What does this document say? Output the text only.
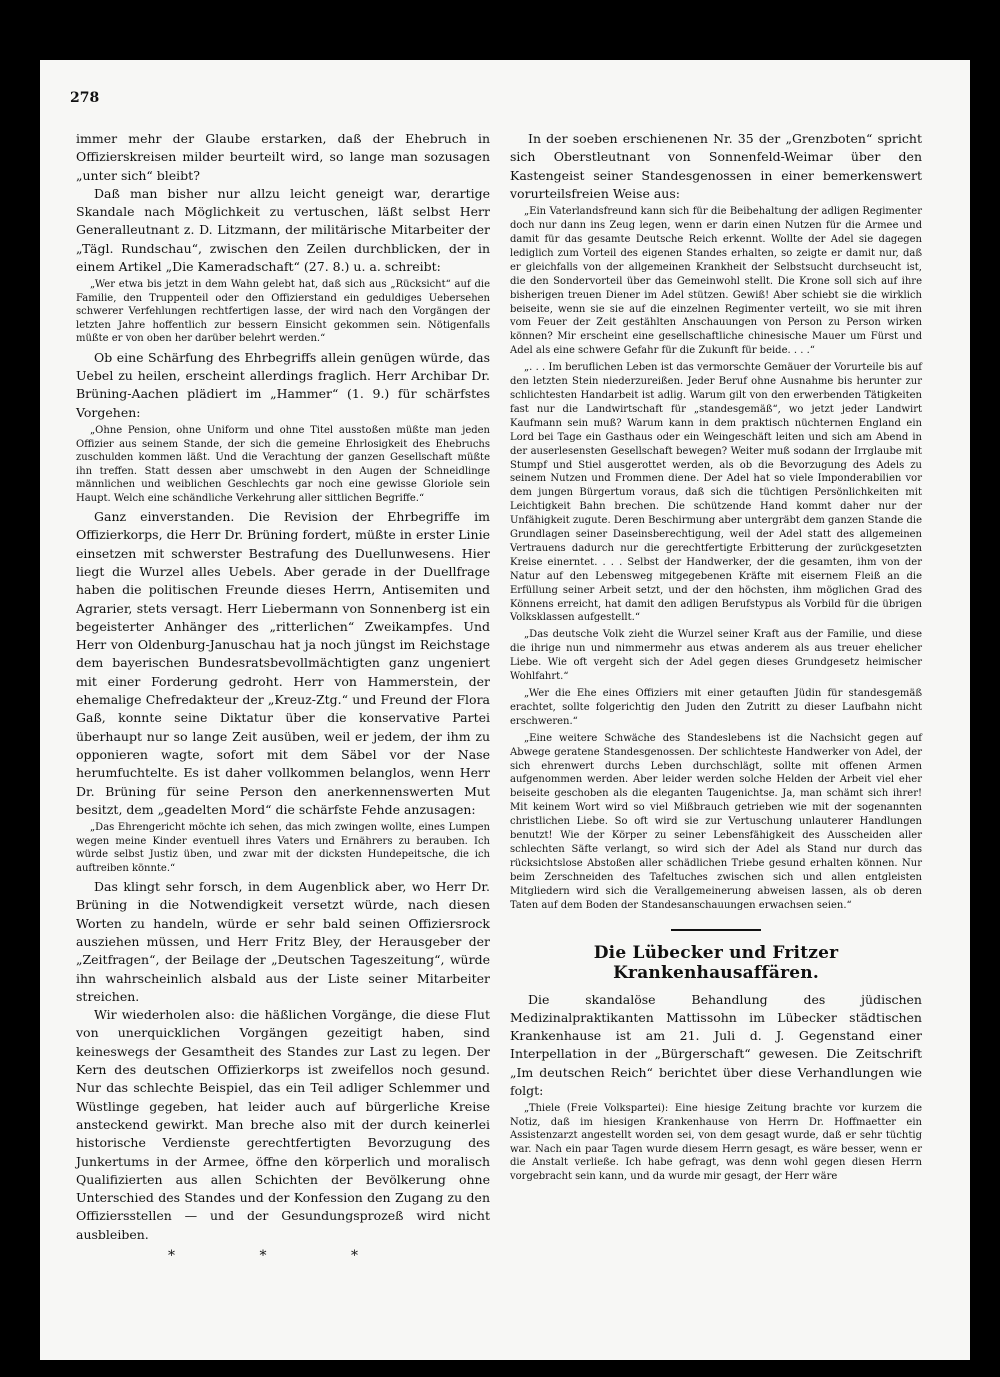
278

immer mehr der Glaube erstarken, daß der Ehebruch in Offizierskreisen milder beurteilt wird, so lange man sozusagen „unter sich“ bleibt?

Daß man bisher nur allzu leicht geneigt war, derartige Skandale nach Möglichkeit zu vertuschen, läßt selbst Herr Generalleutnant z. D. Litzmann, der militärische Mitarbeiter der „Tägl. Rundschau“, zwischen den Zeilen durchblicken, der in einem Artikel „Die Kameradschaft“ (27. 8.) u. a. schreibt:

„Wer etwa bis jetzt in dem Wahn gelebt hat, daß sich aus „Rücksicht“ auf die Familie, den Truppenteil oder den Offizierstand ein geduldiges Uebersehen schwerer Verfehlungen rechtfertigen lasse, der wird nach den Vorgängen der letzten Jahre hoffentlich zur bessern Einsicht gekommen sein. Nötigenfalls müßte er von oben her darüber belehrt werden.“

Ob eine Schärfung des Ehrbegriffs allein genügen würde, das Uebel zu heilen, erscheint allerdings fraglich. Herr Archibar Dr. Brüning-Aachen plädiert im „Hammer“ (1. 9.) für schärfstes Vorgehen:

„Ohne Pension, ohne Uniform und ohne Titel ausstoßen müßte man jeden Offizier aus seinem Stande, der sich die gemeine Ehrlosigkeit des Ehebruchs zuschulden kommen läßt. Und die Verachtung der ganzen Gesellschaft müßte ihn treffen. Statt dessen aber umschwebt in den Augen der Schneidlinge männlichen und weiblichen Geschlechts gar noch eine gewisse Gloriole sein Haupt. Welch eine schändliche Verkehrung aller sittlichen Begriffe.“

Ganz einverstanden. Die Revision der Ehrbegriffe im Offizierkorps, die Herr Dr. Brüning fordert, müßte in erster Linie einsetzen mit schwerster Bestrafung des Duellunwesens. Hier liegt die Wurzel alles Uebels. Aber gerade in der Duellfrage haben die politischen Freunde dieses Herrn, Antisemiten und Agrarier, stets versagt. Herr Liebermann von Sonnenberg ist ein begeisterter Anhänger des „ritterlichen“ Zweikampfes. Und Herr von Oldenburg-Januschau hat ja noch jüngst im Reichstage dem bayerischen Bundesratsbevollmächtigten ganz ungeniert mit einer Forderung gedroht. Herr von Hammerstein, der ehemalige Chefredakteur der „Kreuz-Ztg.“ und Freund der Flora Gaß, konnte seine Diktatur über die konservative Partei überhaupt nur so lange Zeit ausüben, weil er jedem, der ihm zu opponieren wagte, sofort mit dem Säbel vor der Nase herumfuchtelte. Es ist daher vollkommen belanglos, wenn Herr Dr. Brüning für seine Person den anerkennenswerten Mut besitzt, dem „geadelten Mord“ die schärfste Fehde anzusagen:

„Das Ehrengericht möchte ich sehen, das mich zwingen wollte, eines Lumpen wegen meine Kinder eventuell ihres Vaters und Ernährers zu berauben. Ich würde selbst Justiz üben, und zwar mit der dicksten Hundepeitsche, die ich auftreiben könnte.“

Das klingt sehr forsch, in dem Augenblick aber, wo Herr Dr. Brüning in die Notwendigkeit versetzt würde, nach diesen Worten zu handeln, würde er sehr bald seinen Offiziersrock ausziehen müssen, und Herr Fritz Bley, der Herausgeber der „Zeitfragen“, der Beilage der „Deutschen Tageszeitung“, würde ihn wahrscheinlich alsbald aus der Liste seiner Mitarbeiter streichen.

Wir wiederholen also: die häßlichen Vorgänge, die diese Flut von unerquicklichen Vorgängen gezeitigt haben, sind keineswegs der Gesamtheit des Standes zur Last zu legen. Der Kern des deutschen Offizierkorps ist zweifellos noch gesund. Nur das schlechte Beispiel, das ein Teil adliger Schlemmer und Wüstlinge gegeben, hat leider auch auf bürgerliche Kreise ansteckend gewirkt. Man breche also mit der durch keinerlei historische Verdienste gerechtfertigten Bevorzugung des Junkertums in der Armee, öffne den körperlich und moralisch Qualifizierten aus allen Schichten der Bevölkerung ohne Unterschied des Standes und der Konfession den Zugang zu den Offiziersstellen — und der Gesundungsprozeß wird nicht ausbleiben.

* * *

In der soeben erschienenen Nr. 35 der „Grenzboten“ spricht sich Oberstleutnant von Sonnenfeld-Weimar über den Kastengeist seiner Standesgenossen in einer bemerkenswert vorurteilsfreien Weise aus:

„Ein Vaterlandsfreund kann sich für die Beibehaltung der adligen Regimenter doch nur dann ins Zeug legen, wenn er darin einen Nutzen für die Armee und damit für das gesamte Deutsche Reich erkennt. Wollte der Adel sie dagegen lediglich zum Vorteil des eigenen Standes erhalten, so zeigte er damit nur, daß er gleichfalls von der allgemeinen Krankheit der Selbstsucht durchseucht ist, die den Sondervorteil über das Gemeinwohl stellt. Die Krone soll sich auf ihre bisherigen treuen Diener im Adel stützen. Gewiß! Aber schiebt sie die wirklich beiseite, wenn sie sie auf die einzelnen Regimenter verteilt, wo sie mit ihren vom Feuer der Zeit gestählten Anschauungen von Person zu Person wirken können? Mir erscheint eine gesellschaftliche chinesische Mauer um Fürst und Adel als eine schwere Gefahr für die Zukunft für beide. . . .“

„. . . Im beruflichen Leben ist das vermorschte Gemäuer der Vorurteile bis auf den letzten Stein niederzureißen. Jeder Beruf ohne Ausnahme bis herunter zur schlichtesten Handarbeit ist adlig. Warum gilt von den erwerbenden Tätigkeiten fast nur die Landwirtschaft für „standesgemäß“, wo jetzt jeder Landwirt Kaufmann sein muß? Warum kann in dem praktisch nüchternen England ein Lord bei Tage ein Gasthaus oder ein Weingeschäft leiten und sich am Abend in der auserlesensten Gesellschaft bewegen? Weiter muß sodann der Irrglaube mit Stumpf und Stiel ausgerottet werden, als ob die Bevorzugung des Adels zu seinem Nutzen und Frommen diene. Der Adel hat so viele Imponderabilien vor dem jungen Bürgertum voraus, daß sich die tüchtigen Persönlichkeiten mit Leichtigkeit Bahn brechen. Die schützende Hand kommt daher nur der Unfähigkeit zugute. Deren Beschirmung aber untergräbt dem ganzen Stande die Grundlagen seiner Daseinsberechtigung, weil der Adel statt des allgemeinen Vertrauens dadurch nur die gerechtfertigte Erbitterung der zurückgesetzten Kreise einerntet. . . . Selbst der Handwerker, der die gesamten, ihm von der Natur auf den Lebensweg mitgegebenen Kräfte mit eisernem Fleiß an die Erfüllung seiner Arbeit setzt, und der den höchsten, ihm möglichen Grad des Könnens erreicht, hat damit den adligen Berufstypus als Vorbild für die übrigen Volksklassen aufgestellt.“

„Das deutsche Volk zieht die Wurzel seiner Kraft aus der Familie, und diese die ihrige nun und nimmermehr aus etwas anderem als aus treuer ehelicher Liebe. Wie oft vergeht sich der Adel gegen dieses Grundgesetz heimischer Wohlfahrt.“

„Wer die Ehe eines Offiziers mit einer getauften Jüdin für standesgemäß erachtet, sollte folgerichtig den Juden den Zutritt zu dieser Laufbahn nicht erschweren.“

„Eine weitere Schwäche des Standeslebens ist die Nachsicht gegen auf Abwege geratene Standesgenossen. Der schlichteste Handwerker von Adel, der sich ehrenwert durchs Leben durchschlägt, sollte mit offenen Armen aufgenommen werden. Aber leider werden solche Helden der Arbeit viel eher beiseite geschoben als die eleganten Taugenichtse. Ja, man schämt sich ihrer! Mit keinem Wort wird so viel Mißbrauch getrieben wie mit der sogenannten christlichen Liebe. So oft wird sie zur Vertuschung unlauterer Handlungen benutzt! Wie der Körper zu seiner Lebensfähigkeit des Ausscheiden aller schlechten Säfte verlangt, so wird sich der Adel als Stand nur durch das rücksichtslose Abstoßen aller schädlichen Triebe gesund erhalten können. Nur beim Zerschneiden des Tafeltuches zwischen sich und allen entgleisten Mitgliedern wird sich die Verallgemeinerung abweisen lassen, als ob deren Taten auf dem Boden der Standesanschauungen erwachsen seien.“

Die Lübecker und Fritzer Krankenhausaffären.

Die skandalöse Behandlung des jüdischen Medizinalpraktikanten Mattissohn im Lübecker städtischen Krankenhause ist am 21. Juli d. J. Gegenstand einer Interpellation in der „Bürgerschaft“ gewesen. Die Zeitschrift „Im deutschen Reich“ berichtet über diese Verhandlungen wie folgt:

„Thiele (Freie Volkspartei): Eine hiesige Zeitung brachte vor kurzem die Notiz, daß im hiesigen Krankenhause von Herrn Dr. Hoffmaetter ein Assistenzarzt angestellt worden sei, von dem gesagt wurde, daß er sehr tüchtig war. Nach ein paar Tagen wurde diesem Herrn gesagt, es wäre besser, wenn er die Anstalt verließe. Ich habe gefragt, was denn wohl gegen diesen Herrn vorgebracht sein kann, und da wurde mir gesagt, der Herr wäre
